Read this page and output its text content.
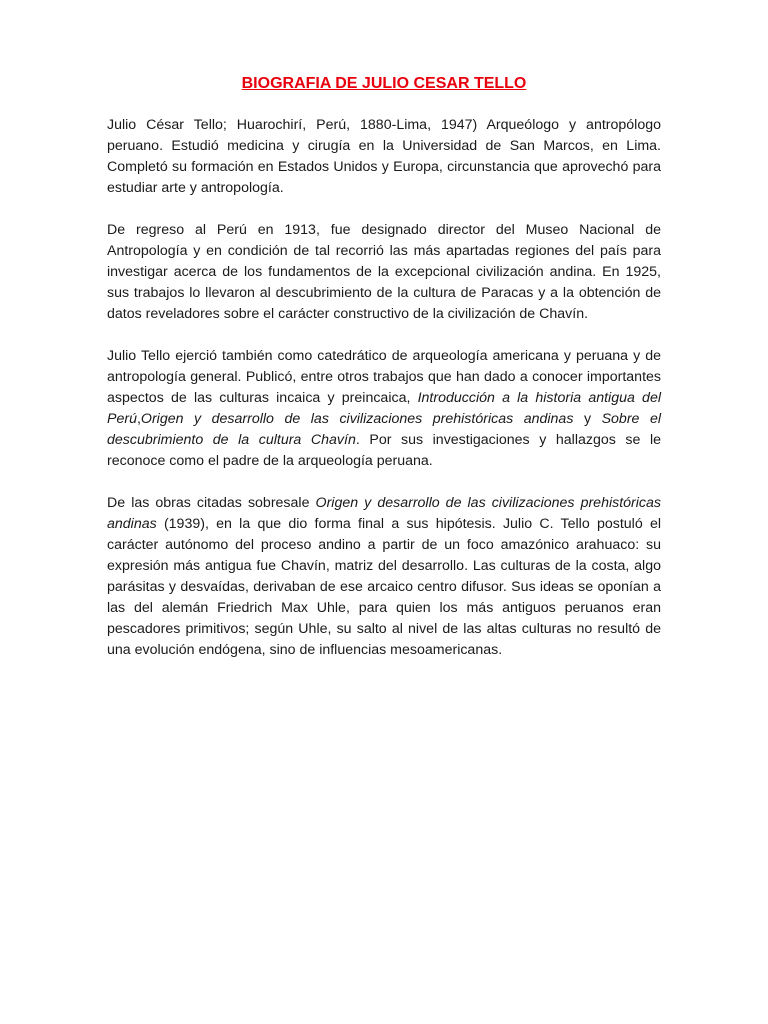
BIOGRAFIA DE JULIO CESAR TELLO

Julio César Tello; Huarochirí, Perú, 1880-Lima, 1947) Arqueólogo y antropólogo peruano. Estudió medicina y cirugía en la Universidad de San Marcos, en Lima. Completó su formación en Estados Unidos y Europa, circunstancia que aprovechó para estudiar arte y antropología.

De regreso al Perú en 1913, fue designado director del Museo Nacional de Antropología y en condición de tal recorrió las más apartadas regiones del país para investigar acerca de los fundamentos de la excepcional civilización andina. En 1925, sus trabajos lo llevaron al descubrimiento de la cultura de Paracas y a la obtención de datos reveladores sobre el carácter constructivo de la civilización de Chavín.

Julio Tello ejerció también como catedrático de arqueología americana y peruana y de antropología general. Publicó, entre otros trabajos que han dado a conocer importantes aspectos de las culturas incaica y preincaica, Introducción a la historia antigua del Perú,Origen y desarrollo de las civilizaciones prehistóricas andinas y Sobre el descubrimiento de la cultura Chavín. Por sus investigaciones y hallazgos se le reconoce como el padre de la arqueología peruana.

De las obras citadas sobresale Origen y desarrollo de las civilizaciones prehistóricas andinas (1939), en la que dio forma final a sus hipótesis. Julio C. Tello postuló el carácter autónomo del proceso andino a partir de un foco amazónico arahuaco: su expresión más antigua fue Chavín, matriz del desarrollo. Las culturas de la costa, algo parásitas y desvaídas, derivaban de ese arcaico centro difusor. Sus ideas se oponían a las del alemán Friedrich Max Uhle, para quien los más antiguos peruanos eran pescadores primitivos; según Uhle, su salto al nivel de las altas culturas no resultó de una evolución endógena, sino de influencias mesoamericanas.
